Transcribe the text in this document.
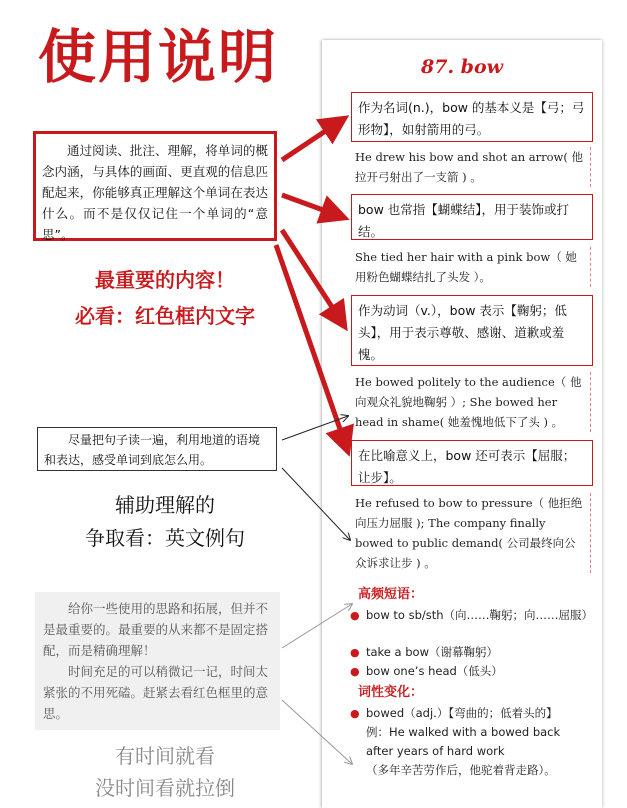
使用说明
通过阅读、批注、理解，将单词的概念内涵，与具体的画面、更直观的信息匹配起来，你能够真正理解这个单词在表达什么。而不是仅仅记住一个单词的“意思”。
最重要的内容！
必看：红色框内文字
尽量把句子读一遍，利用地道的语境和表达，感受单词到底怎么用。
辅助理解的
争取看：英文例句

给你一些使用的思路和拓展，但并不是最重要的。最重要的从来都不是固定搭配，而是精确理解！

时间充足的可以稍微记一记，时间太紧张的不用死磕。赶紧去看红色框里的意思。

有时间就看
没时间看就拉倒
87. bow
作为名词(n.)，bow 的基本义是【弓；弓形物】，如射箭用的弓。
He drew his bow and shot an arrow( 他拉开弓射出了一支箭 ) 。
bow 也常指【蝴蝶结】，用于装饰或打结。
She tied her hair with a pink bow（ 她用粉色蝴蝶结扎了头发 ）。
作为动词（v.），bow 表示【鞠躬；低头】，用于表示尊敬、感谢、道歉或羞愧。
He bowed politely to the audience（ 他向观众礼貌地鞠躬 ）; She bowed her head in shame( 她羞愧地低下了头 ) 。
在比喻意义上，bow 还可表示【屈服；让步】。
He refused to bow to pressure（ 他拒绝向压力屈服 ); The company finally bowed to public demand( 公司最终向公众诉求让步 ) 。
高频短语：
● bow to sb/sth（向……鞠躬；向……屈服）
● take a bow（谢幕鞠躬）
● bow one’s head（低头）
词性变化：
● bowed（adj.）【弯曲的；低着头的】
例：He walked with a bowed back after years of hard work
（多年辛苦劳作后，他驼着背走路）。
